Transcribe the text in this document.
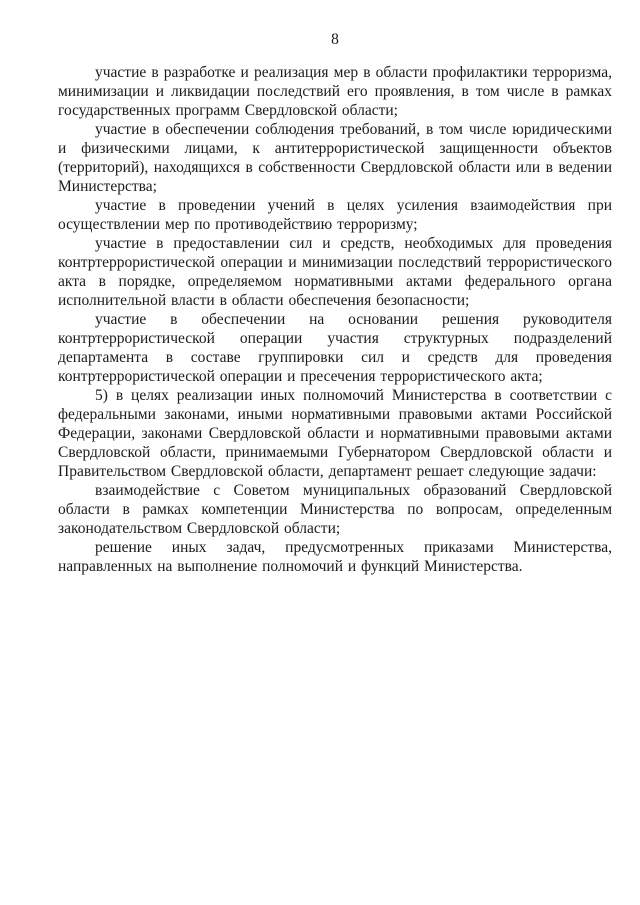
8

участие в разработке и реализация мер в области профилактики терроризма, минимизации и ликвидации последствий его проявления, в том числе в рамках государственных программ Свердловской области;

участие в обеспечении соблюдения требований, в том числе юридическими и физическими лицами, к антитеррористической защищенности объектов (территорий), находящихся в собственности Свердловской области или в ведении Министерства;

участие в проведении учений в целях усиления взаимодействия при осуществлении мер по противодействию терроризму;

участие в предоставлении сил и средств, необходимых для проведения контртеррористической операции и минимизации последствий террористического акта в порядке, определяемом нормативными актами федерального органа исполнительной власти в области обеспечения безопасности;

участие в обеспечении на основании решения руководителя контртеррористической операции участия структурных подразделений департамента в составе группировки сил и средств для проведения контртеррористической операции и пресечения террористического акта;

5) в целях реализации иных полномочий Министерства в соответствии с федеральными законами, иными нормативными правовыми актами Российской Федерации, законами Свердловской области и нормативными правовыми актами Свердловской области, принимаемыми Губернатором Свердловской области и Правительством Свердловской области, департамент решает следующие задачи:

взаимодействие с Советом муниципальных образований Свердловской области в рамках компетенции Министерства по вопросам, определенным законодательством Свердловской области;

решение иных задач, предусмотренных приказами Министерства, направленных на выполнение полномочий и функций Министерства.
